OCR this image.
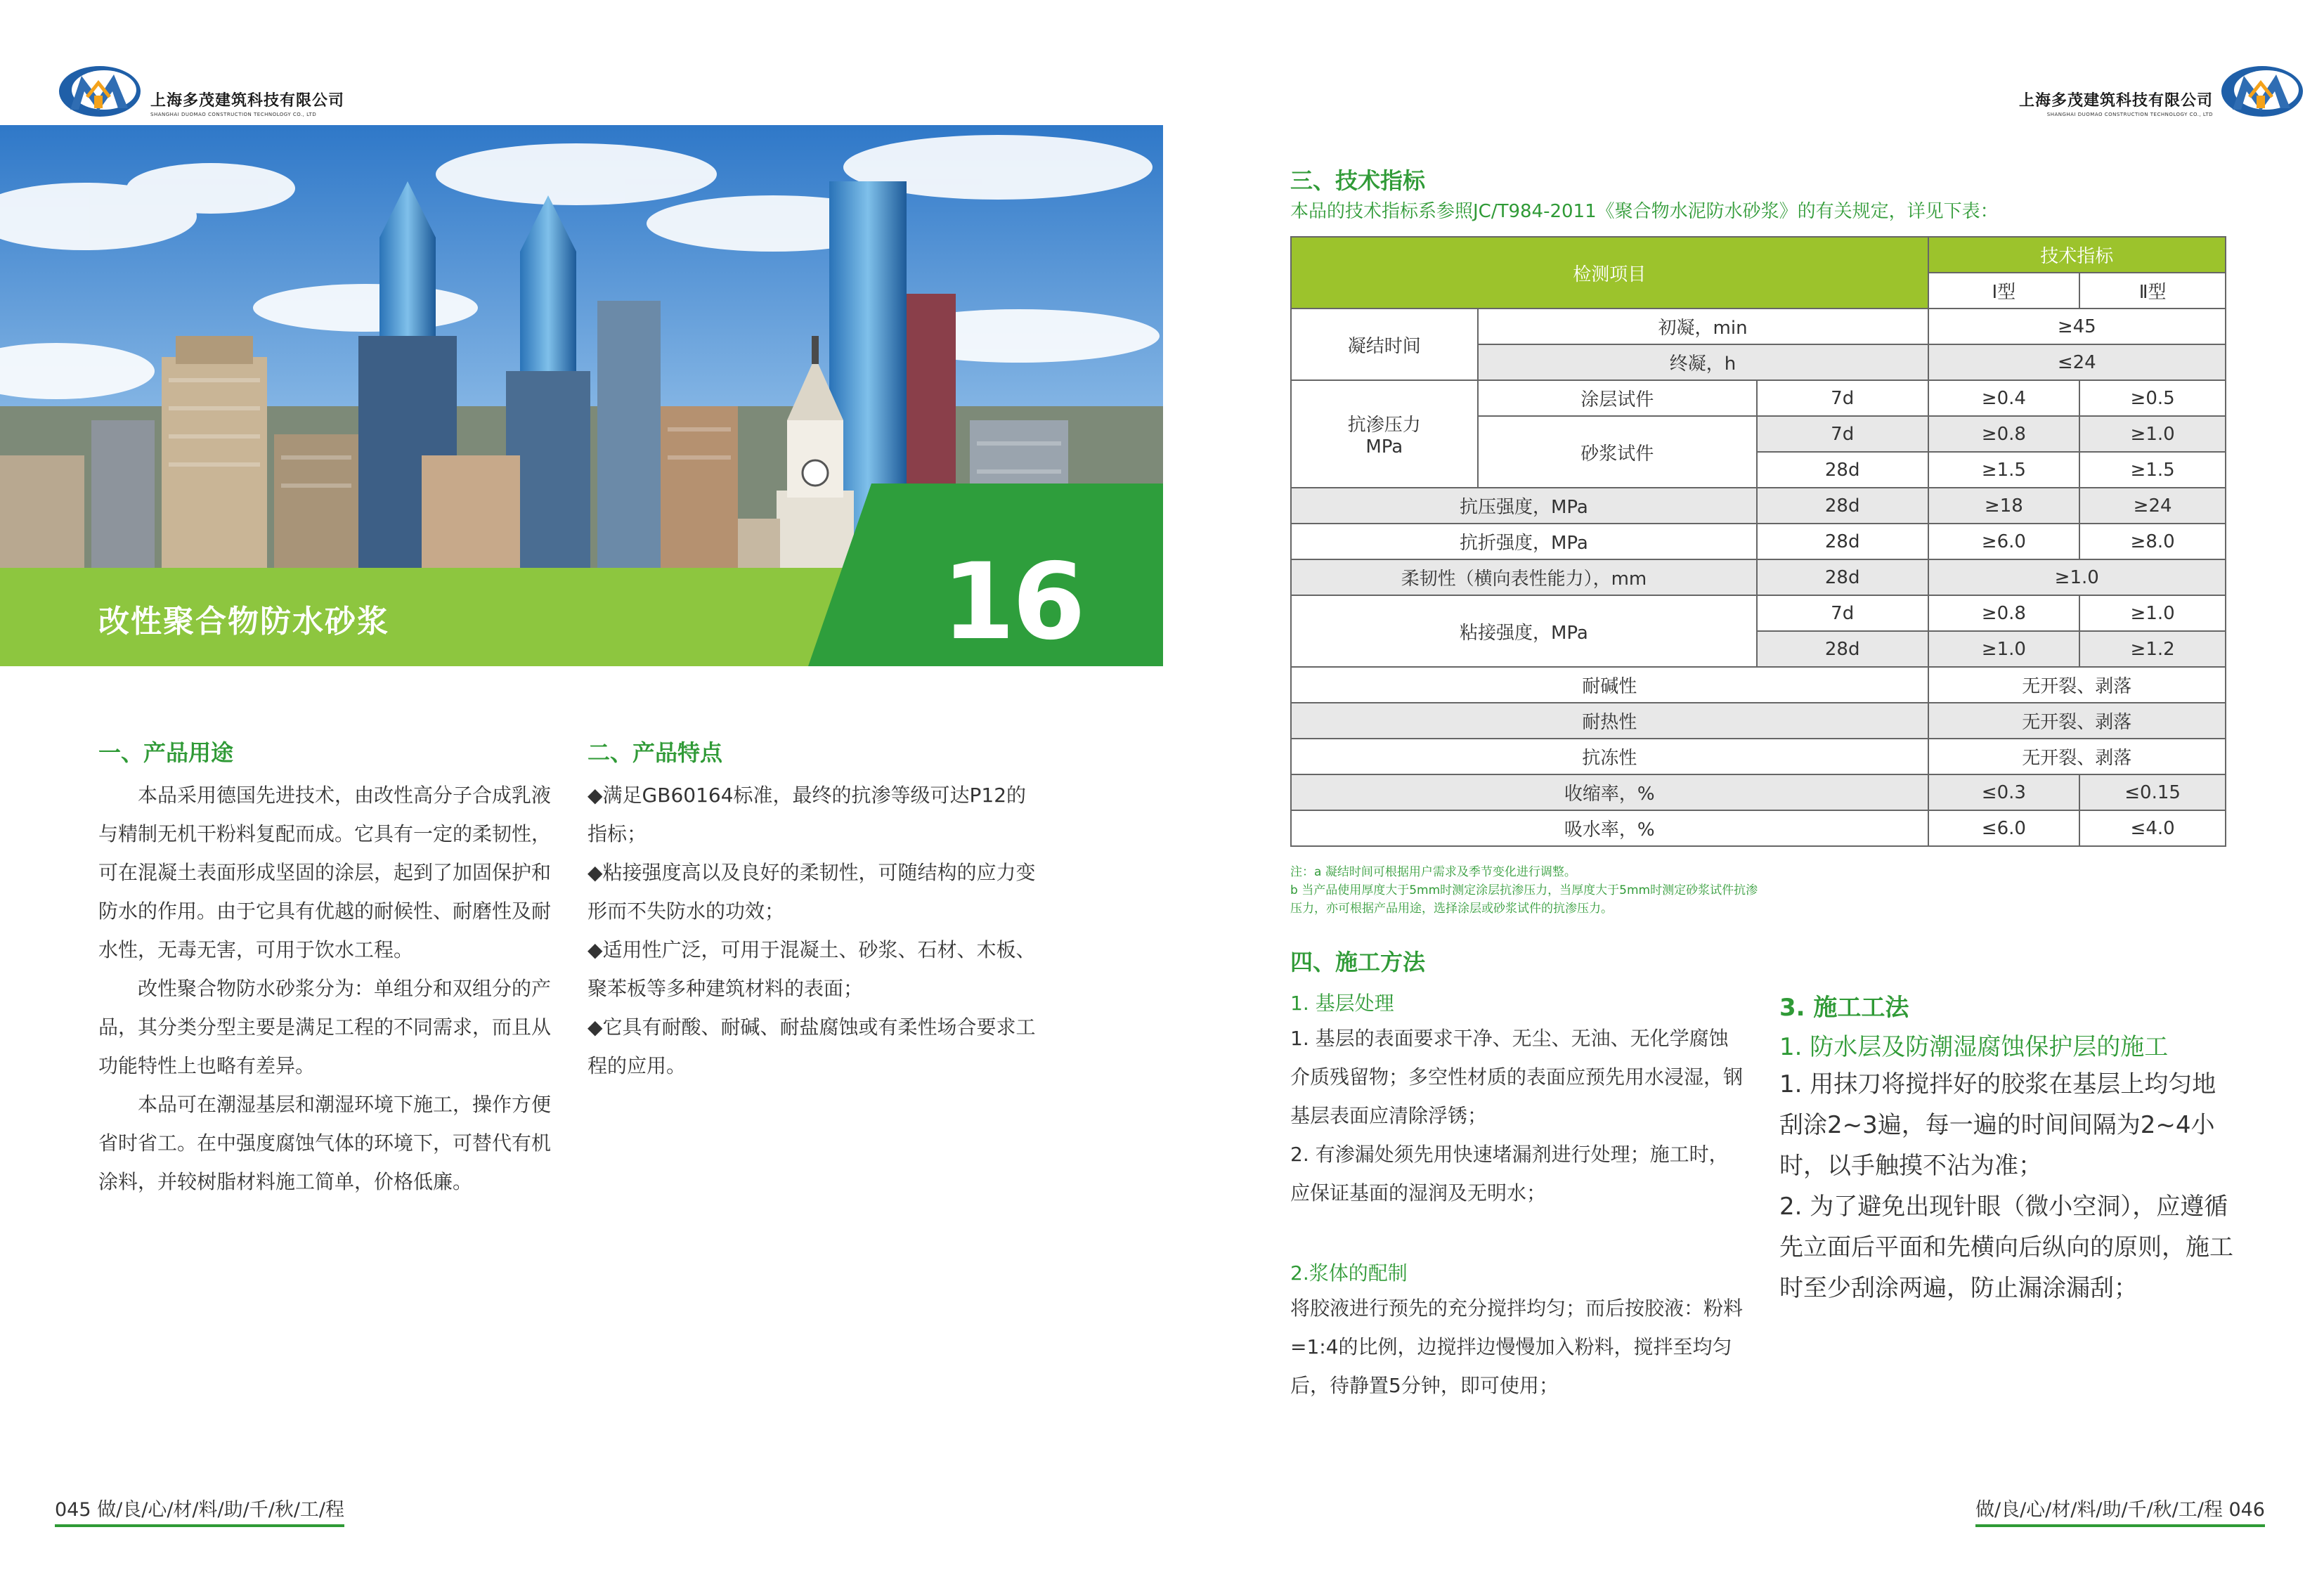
上海多茂建筑科技有限公司
SHANGHAI DUOMAO CONSTRUCTION TECHNOLOGY CO., LTD
改性聚合物防水砂浆	16
一、产品用途

本品采用德国先进技术，由改性高分子合成乳液与精制无机干粉料复配而成。它具有一定的柔韧性，可在混凝土表面形成坚固的涂层，起到了加固保护和防水的作用。由于它具有优越的耐候性、耐磨性及耐水性，无毒无害，可用于饮水工程。

改性聚合物防水砂浆分为：单组分和双组分的产品，其分类分型主要是满足工程的不同需求，而且从功能特性上也略有差异。

本品可在潮湿基层和潮湿环境下施工，操作方便省时省工。在中强度腐蚀气体的环境下，可替代有机涂料，并较树脂材料施工简单，价格低廉。

二、产品特点

◆满足GB60164标准，最终的抗渗等级可达P12的指标；

◆粘接强度高以及良好的柔韧性，可随结构的应力变形而不失防水的功效；

◆适用性广泛，可用于混凝土、砂浆、石材、木板、聚苯板等多种建筑材料的表面；

◆它具有耐酸、耐碱、耐盐腐蚀或有柔性场合要求工程的应用。

045 做/良/心/材/料/助/千/秋/工/程
上海多茂建筑科技有限公司
SHANGHAI DUOMAO CONSTRUCTION TECHNOLOGY CO., LTD
三、技术指标
本品的技术指标系参照JC/T984-2011《聚合物水泥防水砂浆》的有关规定，详见下表：
检测项目			技术指标	
			Ⅰ型	Ⅱ型
凝结时间	初凝，min		≥45	
	终凝，h		≤24	
抗渗压力
MPa	涂层试件	7d	≥0.4	≥0.5
	砂浆试件	7d	≥0.8	≥1.0
		28d	≥1.5	≥1.5
抗压强度，MPa		28d	≥18	≥24
抗折强度，MPa		28d	≥6.0	≥8.0
柔韧性（横向表性能力），mm		28d	≥1.0	
粘接强度，MPa		7d	≥0.8	≥1.0
		28d	≥1.0	≥1.2
耐碱性			无开裂、剥落	
耐热性			无开裂、剥落	
抗冻性			无开裂、剥落	
收缩率，%			≤0.3	≤0.15
吸水率，%			≤6.0	≤4.0
注：a 凝结时间可根据用户需求及季节变化进行调整。
b 当产品使用厚度大于5mm时测定涂层抗渗压力，当厚度大于5mm时测定砂浆试件抗渗
压力，亦可根据产品用途，选择涂层或砂浆试件的抗渗压力。
四、施工方法
1. 基层处理

1. 基层的表面要求干净、无尘、无油、无化学腐蚀介质残留物；多空性材质的表面应预先用水浸湿，钢基层表面应清除浮锈；

2. 有渗漏处须先用快速堵漏剂进行处理；施工时，应保证基面的湿润及无明水；

2.浆体的配制

将胶液进行预先的充分搅拌均匀；而后按胶液：粉料=1:4的比例，边搅拌边慢慢加入粉料，搅拌至均匀后，待静置5分钟，即可使用；

3. 施工工法
1. 防水层及防潮湿腐蚀保护层的施工

1. 用抹刀将搅拌好的胶浆在基层上均匀地刮涂2~3遍，每一遍的时间间隔为2~4小时，以手触摸不沾为准；

2. 为了避免出现针眼（微小空洞），应遵循先立面后平面和先横向后纵向的原则，施工时至少刮涂两遍，防止漏涂漏刮；

做/良/心/材/料/助/千/秋/工/程 046
